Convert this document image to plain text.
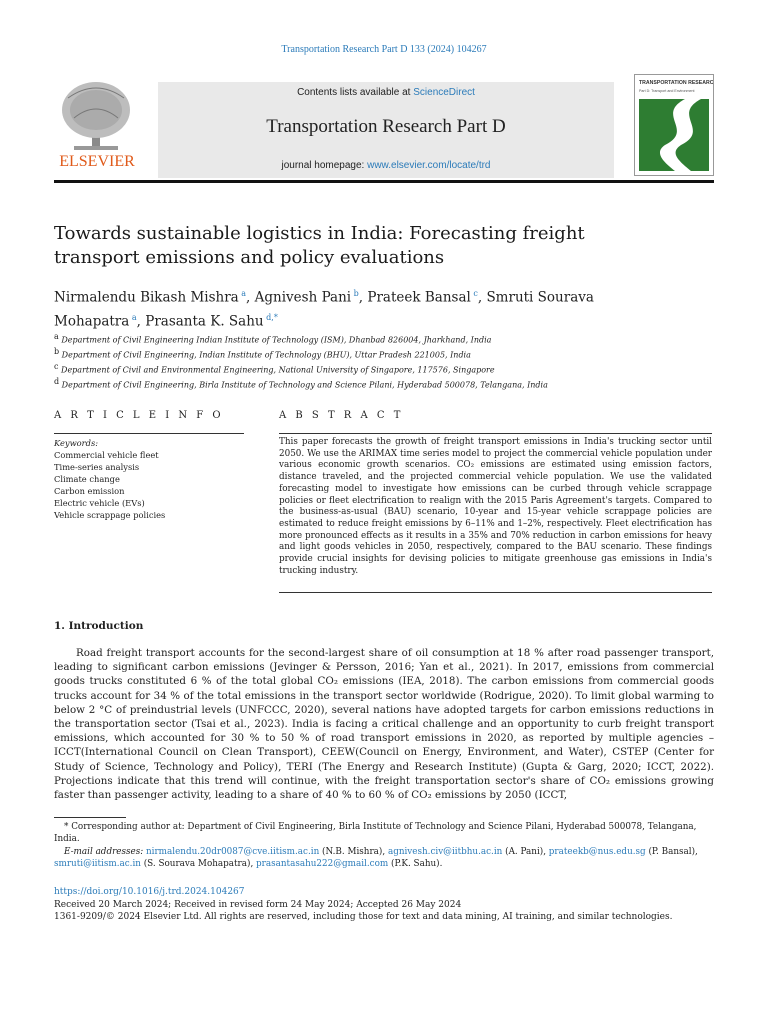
Transportation Research Part D 133 (2024) 104267
ELSEVIER
Contents lists available at ScienceDirect
Transportation Research Part D
journal homepage: www.elsevier.com/locate/trd
TRANSPORTATION RESEARCH
Part D: Transport and Environment
Towards sustainable logistics in India: Forecasting freight transport emissions and policy evaluations
Nirmalendu Bikash Mishra $^a$, Agnivesh Pani $^b$, Prateek Bansal $^c$, Smruti Sourava Mohapatra $^a$, Prasanta K. Sahu $^{d,*}$
$^a$ Department of Civil Engineering Indian Institute of Technology (ISM), Dhanbad 826004, Jharkhand, India
$^b$ Department of Civil Engineering, Indian Institute of Technology (BHU), Uttar Pradesh 221005, India
$^c$ Department of Civil and Environmental Engineering, National University of Singapore, 117576, Singapore
$^d$ Department of Civil Engineering, Birla Institute of Technology and Science Pilani, Hyderabad 500078, Telangana, India
A R T I C L E I N F O	A B S T R A C T
Keywords:
Commercial vehicle fleet
Time-series analysis
Climate change
Carbon emission
Electric vehicle (EVs)
Vehicle scrappage policies
This paper forecasts the growth of freight transport emissions in India's trucking sector until 2050. We use the ARIMAX time series model to project the commercial vehicle population under various economic growth scenarios. CO₂ emissions are estimated using emission factors, distance traveled, and the projected commercial vehicle population. We use the validated forecasting model to investigate how emissions can be curbed through vehicle scrappage policies or fleet electrification to realign with the 2015 Paris Agreement's targets. Compared to the business-as-usual (BAU) scenario, 10-year and 15-year vehicle scrappage policies are estimated to reduce freight emissions by 6–11% and 1–2%, respectively. Fleet electrification has more pronounced effects as it results in a 35% and 70% reduction in carbon emissions for heavy and light goods vehicles in 2050, respectively, compared to the BAU scenario. These findings provide crucial insights for devising policies to mitigate greenhouse gas emissions in India's trucking industry.
1. Introduction
Road freight transport accounts for the second-largest share of oil consumption at 18 % after road passenger transport, leading to significant carbon emissions (Jevinger & Persson, 2016; Yan et al., 2021). In 2017, emissions from commercial goods trucks constituted 6 % of the total global CO₂ emissions (IEA, 2018). The carbon emissions from commercial goods trucks account for 34 % of the total emissions in the transport sector worldwide (Rodrigue, 2020). To limit global warming to below 2 °C of preindustrial levels (UNFCCC, 2020), several nations have adopted targets for carbon emissions reductions in the transportation sector (Tsai et al., 2023). India is facing a critical challenge and an opportunity to curb freight transport emissions, which accounted for 30 % to 50 % of road transport emissions in 2020, as reported by multiple agencies – ICCT(International Council on Clean Transport), CEEW(Council on Energy, Environment, and Water), CSTEP (Center for Study of Science, Technology and Policy), TERI (The Energy and Research Institute) (Gupta & Garg, 2020; ICCT, 2022). Projections indicate that this trend will continue, with the freight transportation sector's share of CO₂ emissions growing faster than passenger activity, leading to a share of 40 % to 60 % of CO₂ emissions by 2050 (ICCT,

* Corresponding author at: Department of Civil Engineering, Birla Institute of Technology and Science Pilani, Hyderabad 500078, Telangana, India.

E-mail addresses: nirmalendu.20dr0087@cve.iitism.ac.in (N.B. Mishra), agnivesh.civ@iitbhu.ac.in (A. Pani), prateekb@nus.edu.sg (P. Bansal), smruti@iitism.ac.in (S. Sourava Mohapatra), prasantasahu222@gmail.com (P.K. Sahu).

https://doi.org/10.1016/j.trd.2024.104267
Received 20 March 2024; Received in revised form 24 May 2024; Accepted 26 May 2024
1361-9209/© 2024 Elsevier Ltd. All rights are reserved, including those for text and data mining, AI training, and similar technologies.
